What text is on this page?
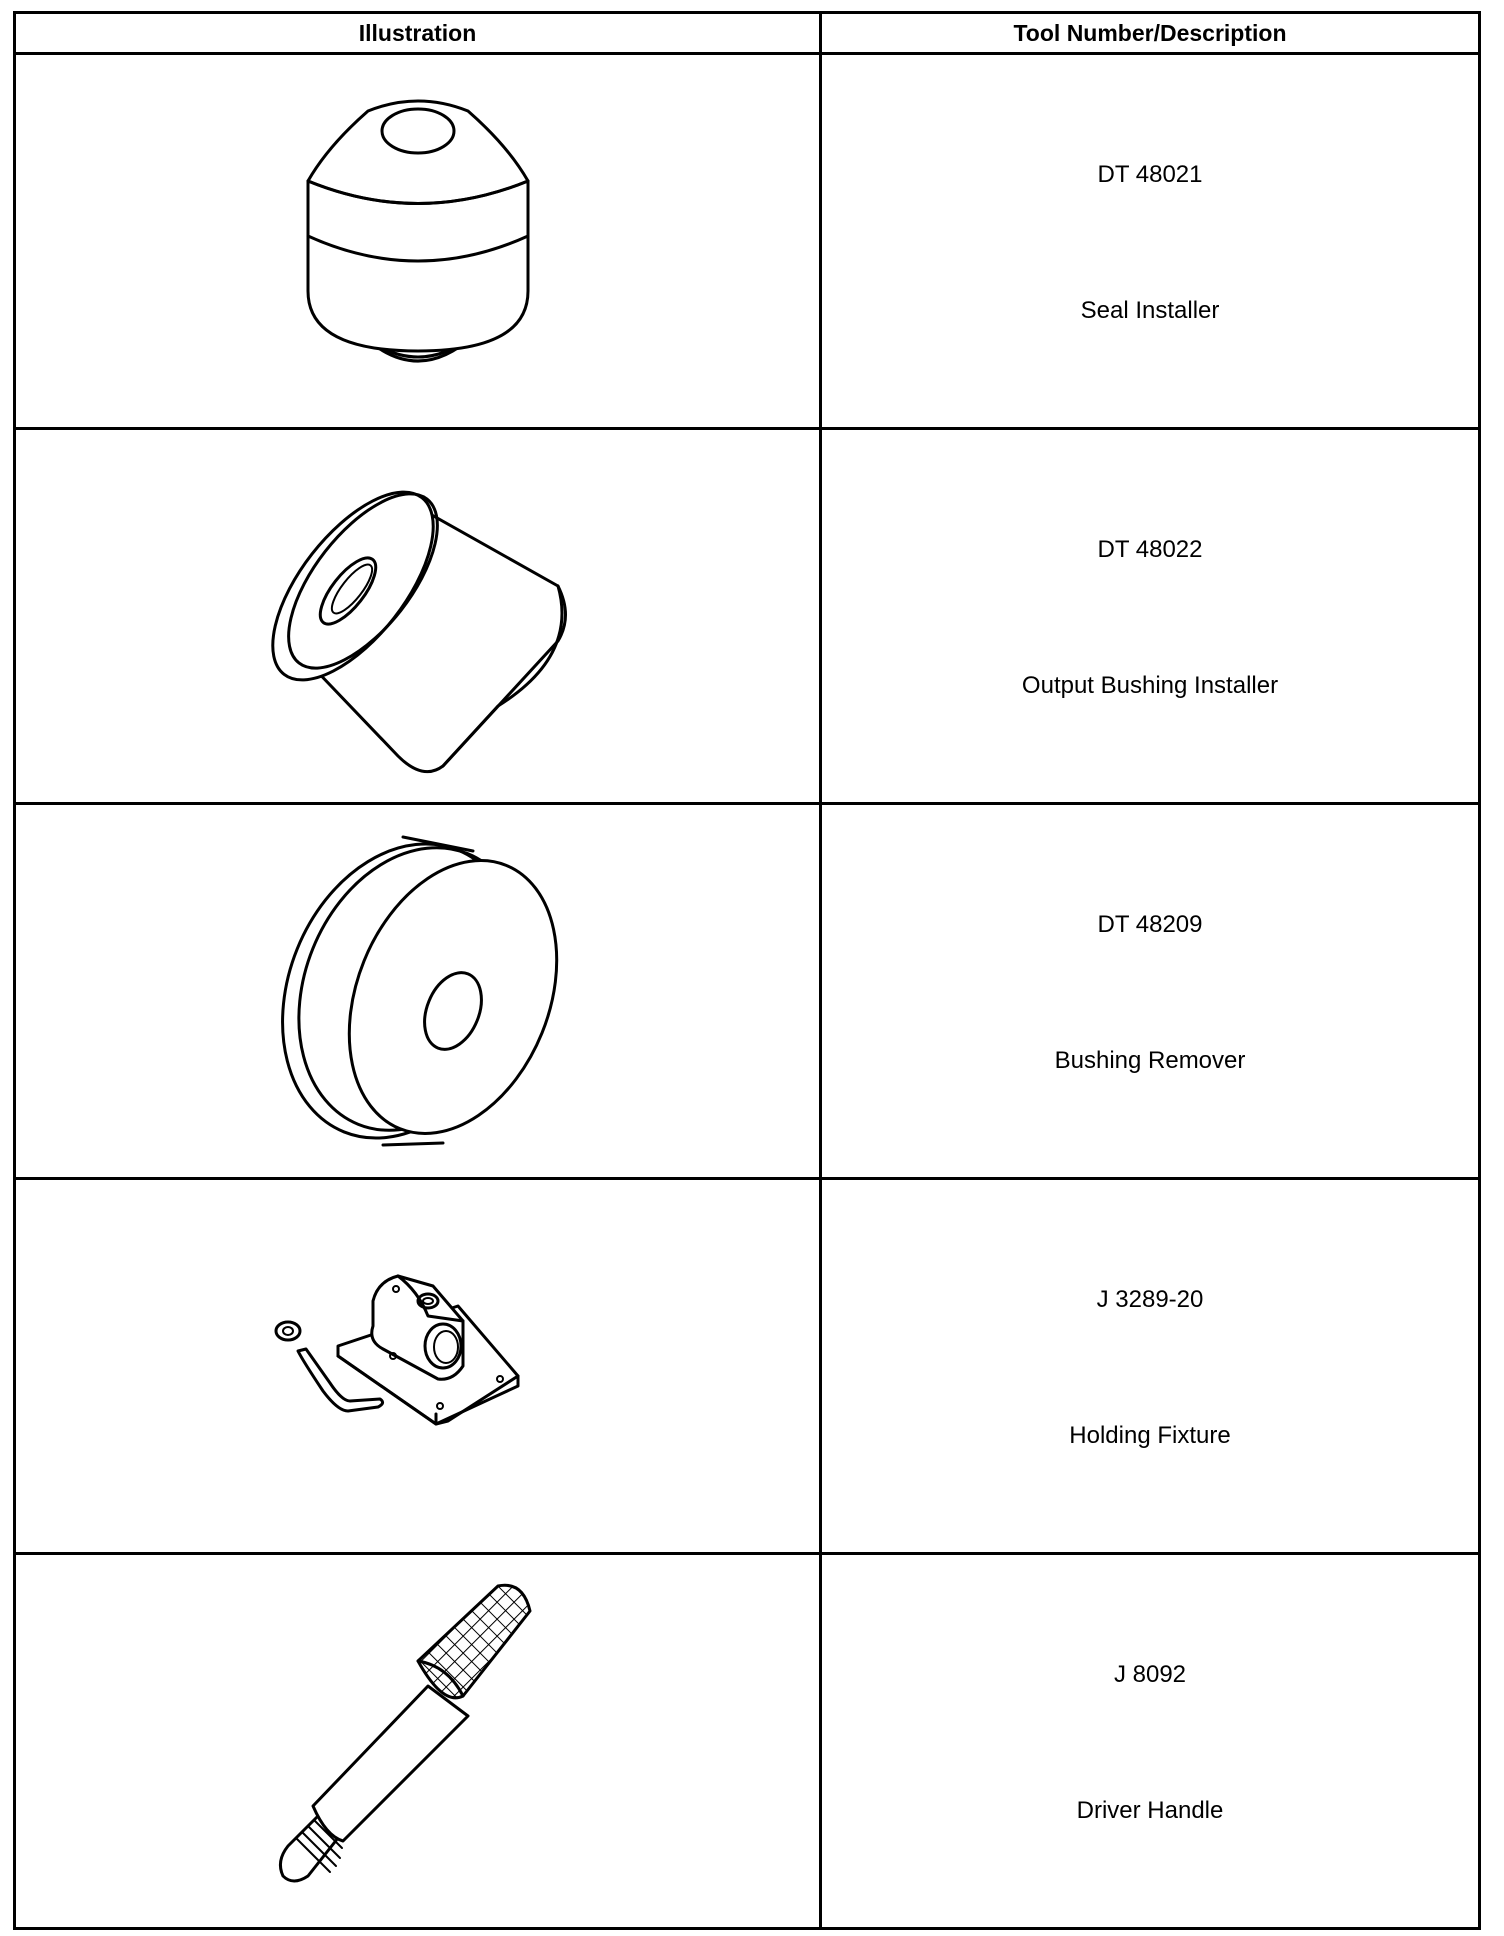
Illustration	Tool Number/Description

DT 48021
Seal Installer

DT 48022
Output Bushing Installer

DT 48209
Bushing Remover

J 3289-20
Holding Fixture

J 8092
Driver Handle
